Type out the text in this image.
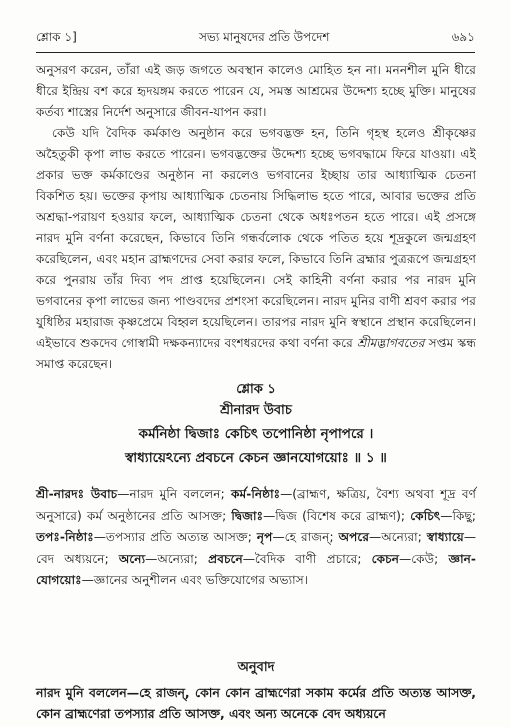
শ্লোক ১]	সভ্য মানুষদের প্রতি উপদেশ	৬৯১

অনুসরণ করেন, তাঁরা এই জড় জগতে অবস্থান কালেও মোহিত হন না। মননশীল মুনি ধীরে ধীরে ইন্দ্রিয় বশ করে হৃদয়ঙ্গম করতে পারেন যে, সমস্ত আশ্রমের উদ্দেশ্য হচ্ছে মুক্তি। মানুষের কর্তব্য শাস্ত্রের নির্দেশ অনুসারে জীবন-যাপন করা।

কেউ যদি বৈদিক কর্মকাণ্ড অনুষ্ঠান করে ভগবদ্ভক্ত হন, তিনি গৃহস্থ হলেও শ্রীকৃষ্ণের অহৈতুকী কৃপা লাভ করতে পারেন। ভগবদ্ভক্তের উদ্দেশ্য হচ্ছে ভগবদ্ধামে ফিরে যাওয়া। এই প্রকার ভক্ত কর্মকাণ্ডের অনুষ্ঠান না করলেও ভগবানের ইচ্ছায় তার আধ্যাত্মিক চেতনা বিকশিত হয়। ভক্তের কৃপায় আধ্যাত্মিক চেতনায় সিদ্ধিলাভ হতে পারে, আবার ভক্তের প্রতি অশ্রদ্ধা-পরায়ণ হওয়ার ফলে, আধ্যাত্মিক চেতনা থেকে অধঃপতন হতে পারে। এই প্রসঙ্গে নারদ মুনি বর্ণনা করেছেন, কিভাবে তিনি গন্ধর্বলোক থেকে পতিত হয়ে শূদ্রকুলে জন্মগ্রহণ করেছিলেন, এবং মহান ব্রাহ্মণদের সেবা করার ফলে, কিভাবে তিনি ব্রহ্মার পুত্ররূপে জন্মগ্রহণ করে পুনরায় তাঁর দিব্য পদ প্রাপ্ত হয়েছিলেন। সেই কাহিনী বর্ণনা করার পর নারদ মুনি ভগবানের কৃপা লাভের জন্য পাণ্ডবদের প্রশংসা করেছিলেন। নারদ মুনির বাণী শ্রবণ করার পর যুধিষ্ঠির মহারাজ কৃষ্ণপ্রেমে বিহ্বল হয়েছিলেন। তারপর নারদ মুনি স্বস্থানে প্রস্থান করেছিলেন। এইভাবে শুকদেব গোস্বামী দক্ষকন্যাদের বংশধরদের কথা বর্ণনা করে শ্রীমদ্ভাগবতের সপ্তম স্কন্ধ সমাপ্ত করেছেন।

শ্লোক ১
শ্রীনারদ উবাচ
কর্মনিষ্ঠা দ্বিজাঃ কেচিৎ তপোনিষ্ঠা নৃপাপরে ।
স্বাধ্যায়েঽন্যে প্রবচনে কেচন জ্ঞানযোগয়োঃ ॥ ১ ॥

শ্রী-নারদঃ উবাচ—নারদ মুনি বললেন; কর্ম-নিষ্ঠাঃ—(ব্রাহ্মণ, ক্ষত্রিয়, বৈশ্য অথবা শূদ্র বর্ণ অনুসারে) কর্ম অনুষ্ঠানের প্রতি আসক্ত; দ্বিজাঃ—দ্বিজ (বিশেষ করে ব্রাহ্মণ); কেচিৎ—কিছু; তপঃ-নিষ্ঠাঃ—তপস্যার প্রতি অত্যন্ত আসক্ত; নৃপ—হে রাজন্; অপরে—অন্যেরা; স্বাধ্যায়ে—বেদ অধ্যয়নে; অন্যে—অন্যেরা; প্রবচনে—বৈদিক বাণী প্রচারে; কেচন—কেউ; জ্ঞান-যোগয়োঃ—জ্ঞানের অনুশীলন এবং ভক্তিযোগের অভ্যাস।

অনুবাদ

নারদ মুনি বললেন—হে রাজন্, কোন কোন ব্রাহ্মণেরা সকাম কর্মের প্রতি অত্যন্ত আসক্ত, কোন ব্রাহ্মণেরা তপস্যার প্রতি আসক্ত, এবং অন্য অনেকে বেদ অধ্যয়নে
